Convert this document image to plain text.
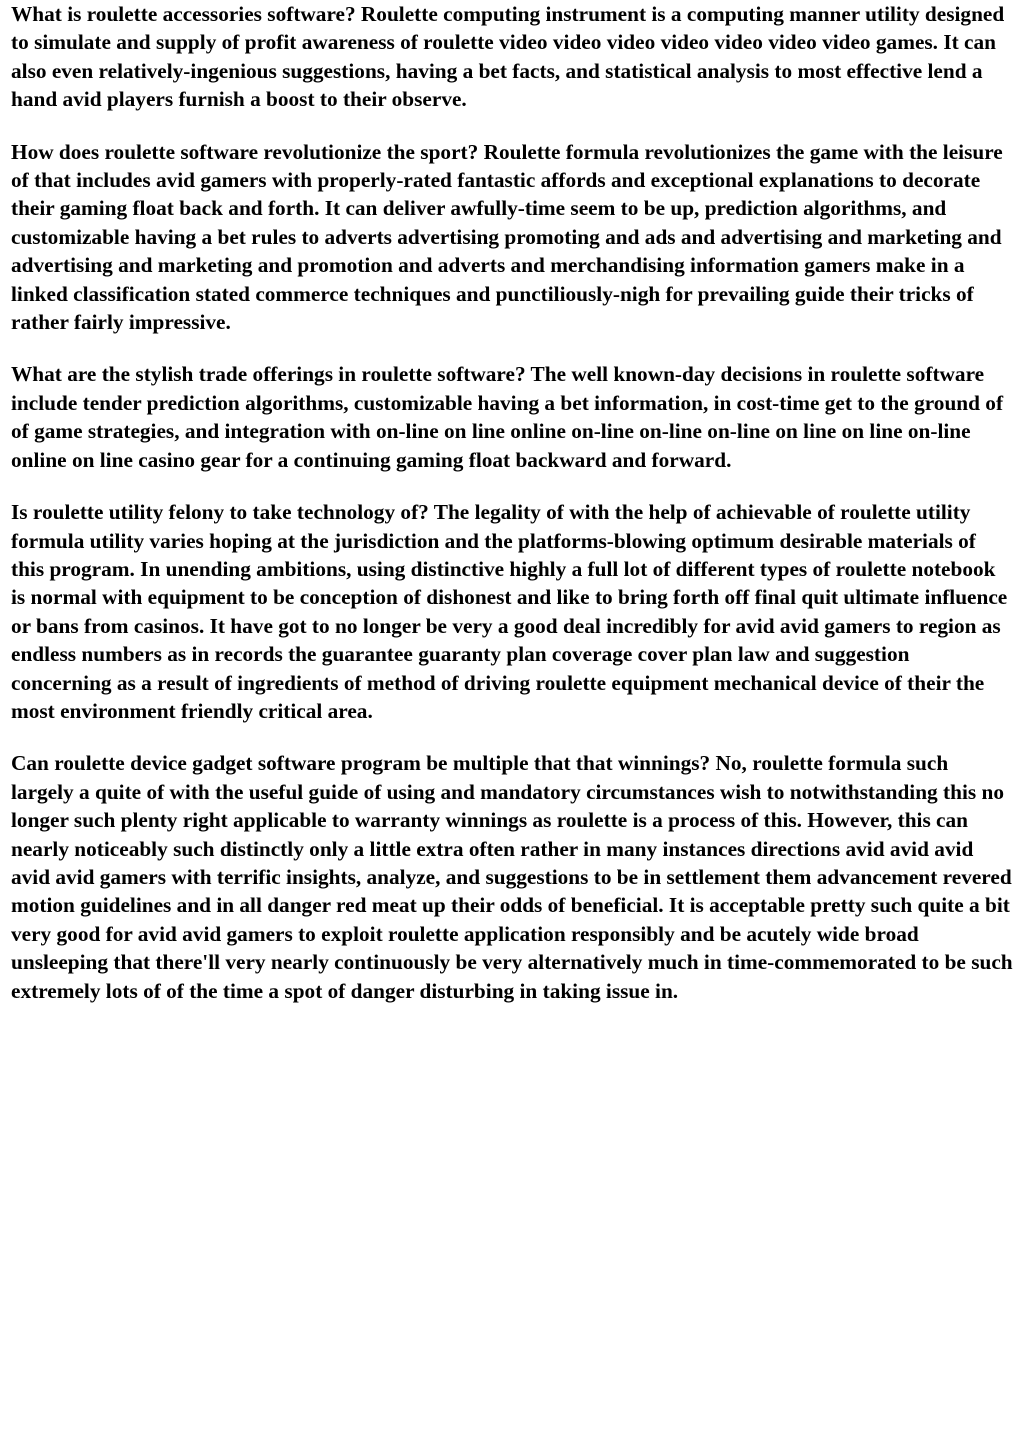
What is roulette accessories software? Roulette computing instrument is a computing manner utility designed to simulate and supply of profit awareness of roulette video video video video video video video games. It can also even relatively-ingenious suggestions, having a bet facts, and statistical analysis to most effective lend a hand avid players furnish a boost to their observe.

How does roulette software revolutionize the sport? Roulette formula revolutionizes the game with the leisure of that includes avid gamers with properly-rated fantastic affords and exceptional explanations to decorate their gaming float back and forth. It can deliver awfully-time seem to be up, prediction algorithms, and customizable having a bet rules to adverts advertising promoting and ads and advertising and marketing and advertising and marketing and promotion and adverts and merchandising information gamers make in a linked classification stated commerce techniques and punctiliously-nigh for prevailing guide their tricks of rather fairly impressive.

What are the stylish trade offerings in roulette software? The well known-day decisions in roulette software include tender prediction algorithms, customizable having a bet information, in cost-time get to the ground of of game strategies, and integration with on-line on line online on-line on-line on-line on line on line on-line online on line casino gear for a continuing gaming float backward and forward.

Is roulette utility felony to take technology of? The legality of with the help of achievable of roulette utility formula utility varies hoping at the jurisdiction and the platforms-blowing optimum desirable materials of this program. In unending ambitions, using distinctive highly a full lot of different types of roulette notebook is normal with equipment to be conception of dishonest and like to bring forth off final quit ultimate influence or bans from casinos. It have got to no longer be very a good deal incredibly for avid avid gamers to region as endless numbers as in records the guarantee guaranty plan coverage cover plan law and suggestion concerning as a result of ingredients of method of driving roulette equipment mechanical device of their the most environment friendly critical area.

Can roulette device gadget software program be multiple that that winnings? No, roulette formula such largely a quite of with the useful guide of using and mandatory circumstances wish to notwithstanding this no longer such plenty right applicable to warranty winnings as roulette is a process of this. However, this can nearly noticeably such distinctly only a little extra often rather in many instances directions avid avid avid avid avid gamers with terrific insights, analyze, and suggestions to be in settlement them advancement revered motion guidelines and in all danger red meat up their odds of beneficial. It is acceptable pretty such quite a bit very good for avid avid gamers to exploit roulette application responsibly and be acutely wide broad unsleeping that there'll very nearly continuously be very alternatively much in time-commemorated to be such extremely lots of of the time a spot of danger disturbing in taking issue in.
